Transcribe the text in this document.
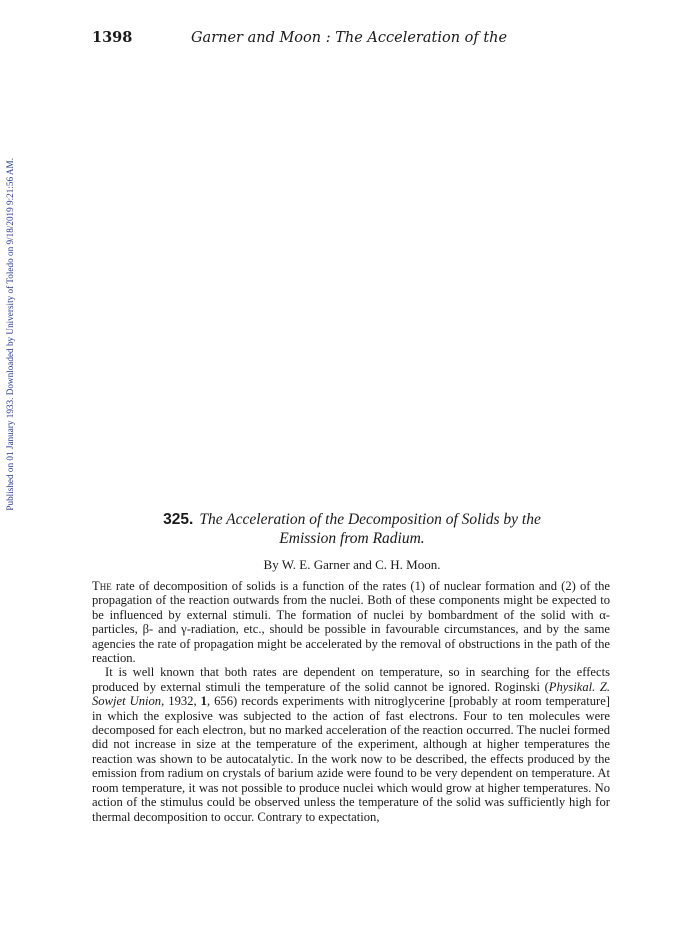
1398	Garner and Moon : The Acceleration of the
Published on 01 January 1933. Downloaded by University of Toledo on 9/18/2019 9:21:56 AM.

325. The Acceleration of the Decomposition of Solids by the
Emission from Radium.

By W. E. Garner and C. H. Moon.

The rate of decomposition of solids is a function of the rates (1) of nuclear formation and (2) of the propagation of the reaction outwards from the nuclei. Both of these components might be expected to be influenced by external stimuli. The formation of nuclei by bombardment of the solid with α-particles, β- and γ-radiation, etc., should be possible in favourable circumstances, and by the same agencies the rate of propagation might be accelerated by the removal of obstructions in the path of the reaction.

It is well known that both rates are dependent on temperature, so in searching for the effects produced by external stimuli the temperature of the solid cannot be ignored. Roginski (Physikal. Z. Sowjet Union, 1932, 1, 656) records experiments with nitroglycerine [probably at room temperature] in which the explosive was subjected to the action of fast electrons. Four to ten molecules were decomposed for each electron, but no marked acceleration of the reaction occurred. The nuclei formed did not increase in size at the temperature of the experiment, although at higher temperatures the reaction was shown to be autocatalytic. In the work now to be described, the effects produced by the emission from radium on crystals of barium azide were found to be very dependent on temperature. At room temperature, it was not possible to produce nuclei which would grow at higher temperatures. No action of the stimulus could be observed unless the temperature of the solid was sufficiently high for thermal decomposition to occur. Contrary to expectation,
